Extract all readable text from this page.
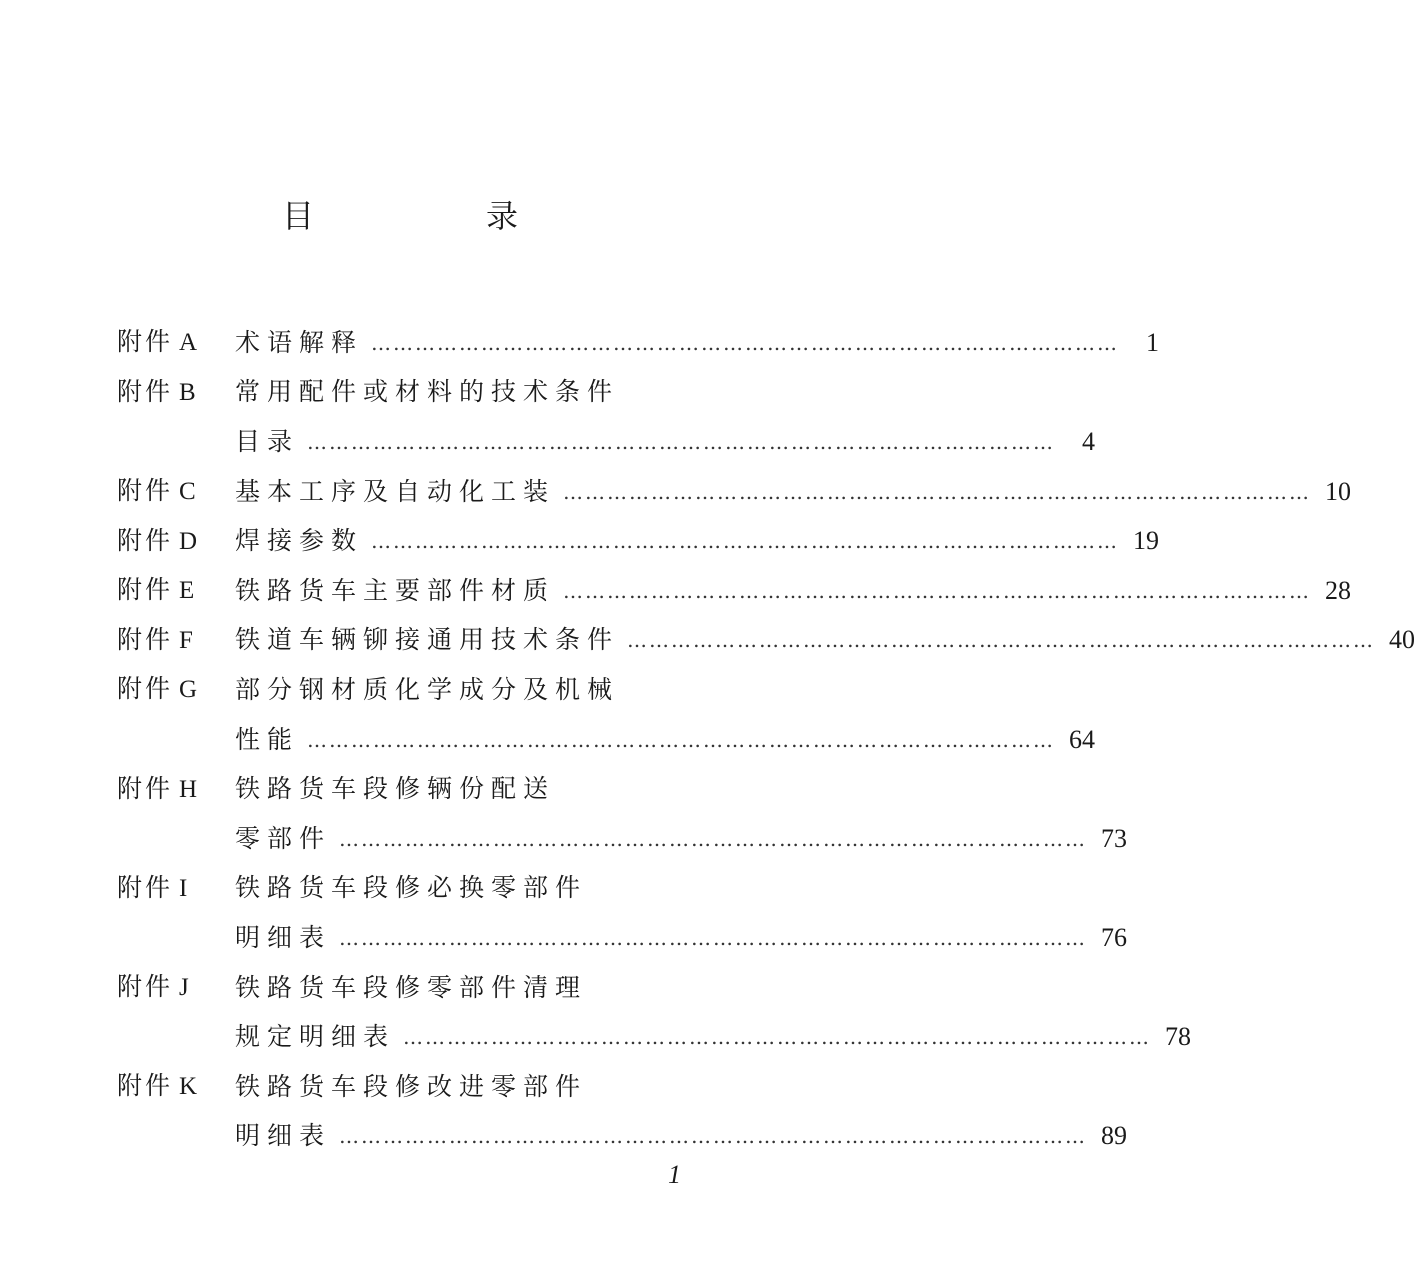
目　录
附件 A	术语解释 …………………………………………………………………………………………	1
附件 B	常用配件或材料的技术条件
目录 …………………………………………………………………………………………	4
附件 C	基本工序及自动化工装 ………………………………………………………………………………………… 10
附件 D	焊接参数 ………………………………………………………………………………………… 19
附件 E	铁路货车主要部件材质 ………………………………………………………………………………………… 28
附件 F	铁道车辆铆接通用技术条件 ………………………………………………………………………………………… 40
附件 G	部分钢材质化学成分及机械
性能 ………………………………………………………………………………………… 64
附件 H	铁路货车段修辆份配送
零部件 ………………………………………………………………………………………… 73
附件 I	铁路货车段修必换零部件
明细表 ………………………………………………………………………………………… 76
附件 J	铁路货车段修零部件清理
规定明细表 ………………………………………………………………………………………… 78
附件 K	铁路货车段修改进零部件
明细表 ………………………………………………………………………………………… 89
1
